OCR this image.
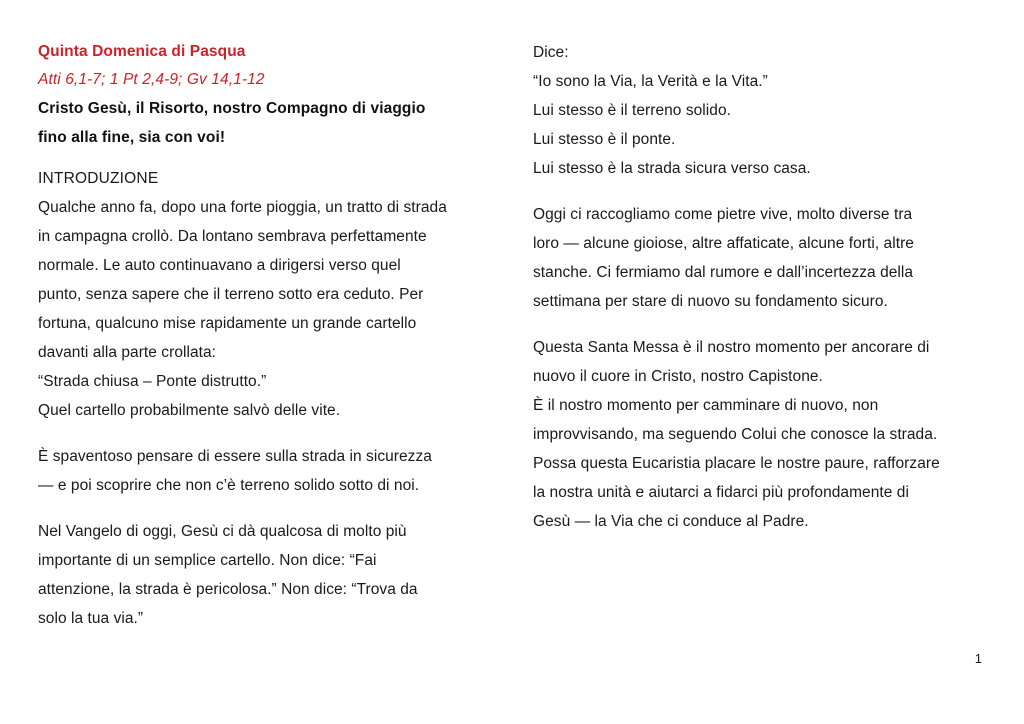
Quinta Domenica di Pasqua
Atti 6,1-7; 1 Pt 2,4-9; Gv 14,1-12
Cristo Gesù, il Risorto, nostro Compagno di viaggio
fino alla fine, sia con voi!
INTRODUZIONE
Qualche anno fa, dopo una forte pioggia, un tratto di strada
in campagna crollò. Da lontano sembrava perfettamente
normale. Le auto continuavano a dirigersi verso quel
punto, senza sapere che il terreno sotto era ceduto. Per
fortuna, qualcuno mise rapidamente un grande cartello
davanti alla parte crollata:
“Strada chiusa – Ponte distrutto.”
Quel cartello probabilmente salvò delle vite.
È spaventoso pensare di essere sulla strada in sicurezza
— e poi scoprire che non c’è terreno solido sotto di noi.
Nel Vangelo di oggi, Gesù ci dà qualcosa di molto più
importante di un semplice cartello. Non dice: “Fai
attenzione, la strada è pericolosa.” Non dice: “Trova da
solo la tua via.”
Dice:
“Io sono la Via, la Verità e la Vita.”
Lui stesso è il terreno solido.
Lui stesso è il ponte.
Lui stesso è la strada sicura verso casa.
Oggi ci raccogliamo come pietre vive, molto diverse tra
loro — alcune gioiose, altre affaticate, alcune forti, altre
stanche. Ci fermiamo dal rumore e dall’incertezza della
settimana per stare di nuovo su fondamento sicuro.
Questa Santa Messa è il nostro momento per ancorare di
nuovo il cuore in Cristo, nostro Capistone.
È il nostro momento per camminare di nuovo, non
improvvisando, ma seguendo Colui che conosce la strada.
Possa questa Eucaristia placare le nostre paure, rafforzare
la nostra unità e aiutarci a fidarci più profondamente di
Gesù — la Via che ci conduce al Padre.
1
